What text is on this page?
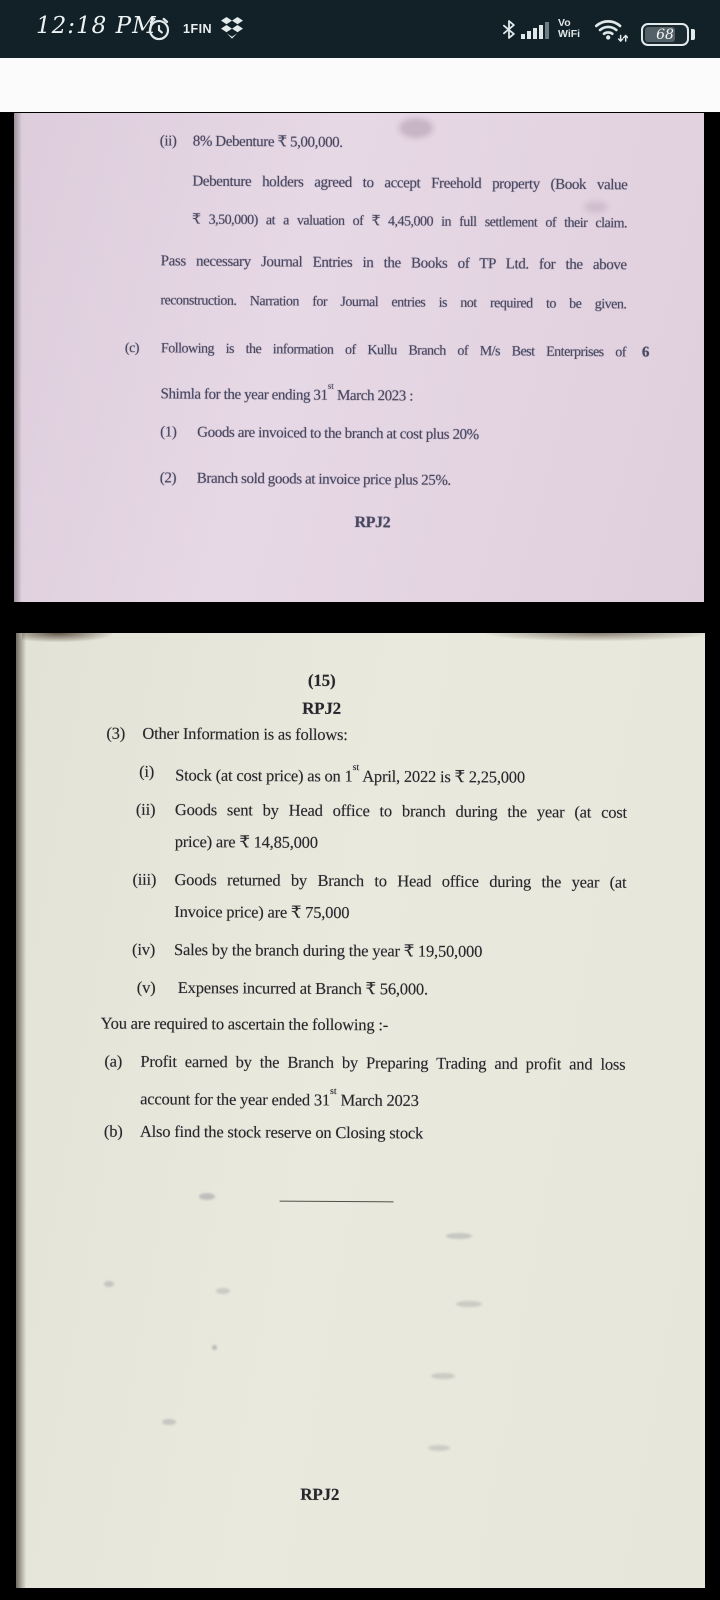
12:18 PM 1FIN	Vo
WiFi	68
(ii) 8% Debenture ₹ 5,00,000.
Debenture holders agreed to accept Freehold property (Book value
₹ 3,50,000) at a valuation of ₹ 4,45,000 in full settlement of their claim.
Pass necessary Journal Entries in the Books of TP Ltd. for the above
reconstruction. Narration for Journal entries is not required to be given.
(c) Following is the information of Kullu Branch of M/s Best Enterprises of 6
Shimla for the year ending 31st March 2023 :
(1) Goods are invoiced to the branch at cost plus 20%
(2) Branch sold goods at invoice price plus 25%.
RPJ2
(15)
RPJ2
(3) Other Information is as follows:
(i) Stock (at cost price) as on 1st April, 2022 is ₹ 2,25,000
(ii) Goods sent by Head office to branch during the year (at cost
price) are ₹ 14,85,000
(iii) Goods returned by Branch to Head office during the year (at
Invoice price) are ₹ 75,000
(iv) Sales by the branch during the year ₹ 19,50,000
(v) Expenses incurred at Branch ₹ 56,000.
You are required to ascertain the following :-
(a) Profit earned by the Branch by Preparing Trading and profit and loss
account for the year ended 31st March 2023
(b) Also find the stock reserve on Closing stock
RPJ2
